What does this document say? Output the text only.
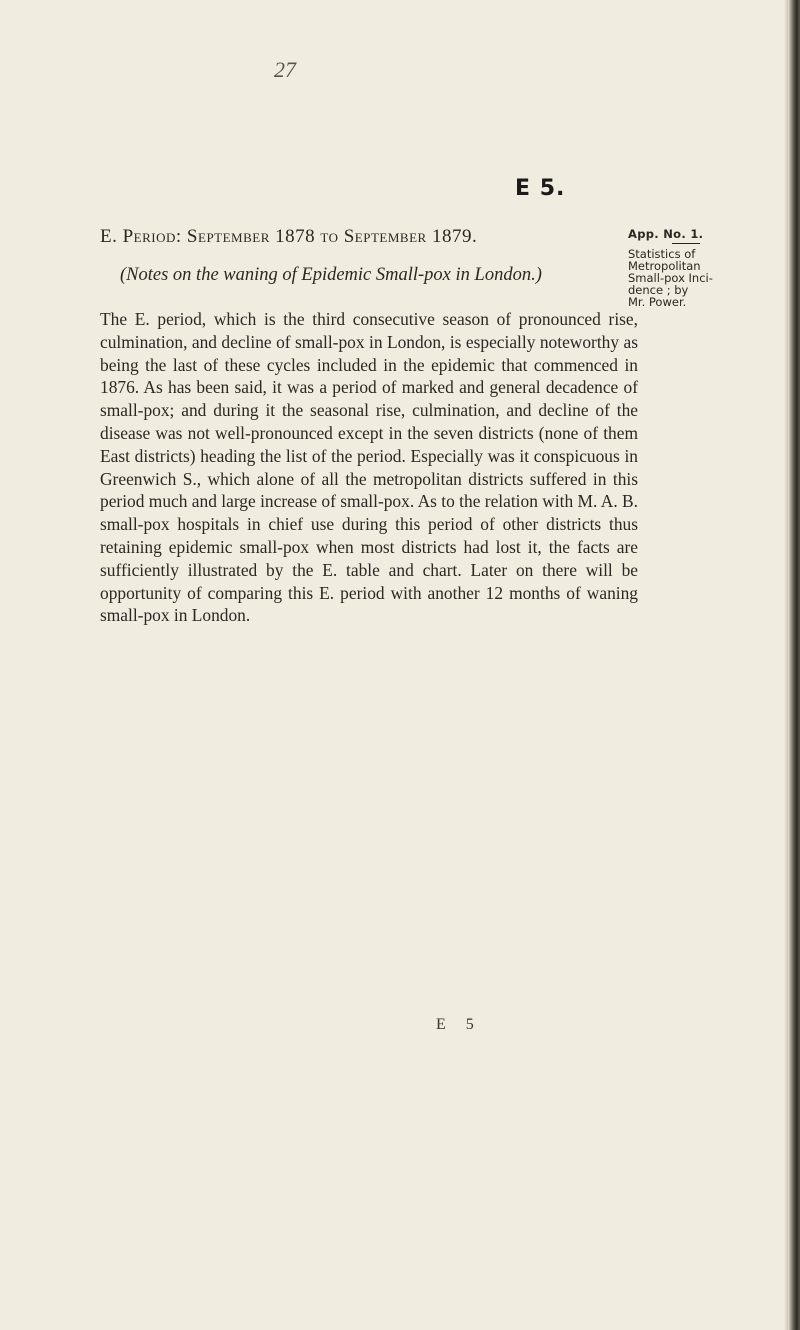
27
E 5.
E. Period: September 1878 to September 1879.
(Notes on the waning of Epidemic Small-pox in London.)
App. No. 1.
Statistics of
Metropolitan
Small-pox Inci-
dence ; by
Mr. Power.

The E. period, which is the third consecutive season of pronounced rise, culmination, and decline of small-pox in London, is especially noteworthy as being the last of these cycles included in the epidemic that commenced in 1876. As has been said, it was a period of marked and general decadence of small-pox; and during it the seasonal rise, culmination, and decline of the disease was not well-pronounced except in the seven districts (none of them East districts) heading the list of the period. Especially was it conspicuous in Greenwich S., which alone of all the metropolitan districts suffered in this period much and large increase of small-pox. As to the relation with M. A. B. small-pox hospitals in chief use during this period of other districts thus retaining epidemic small-pox when most districts had lost it, the facts are sufficiently illustrated by the E. table and chart. Later on there will be opportunity of comparing this E. period with another 12 months of waning small-pox in London.

E 5
